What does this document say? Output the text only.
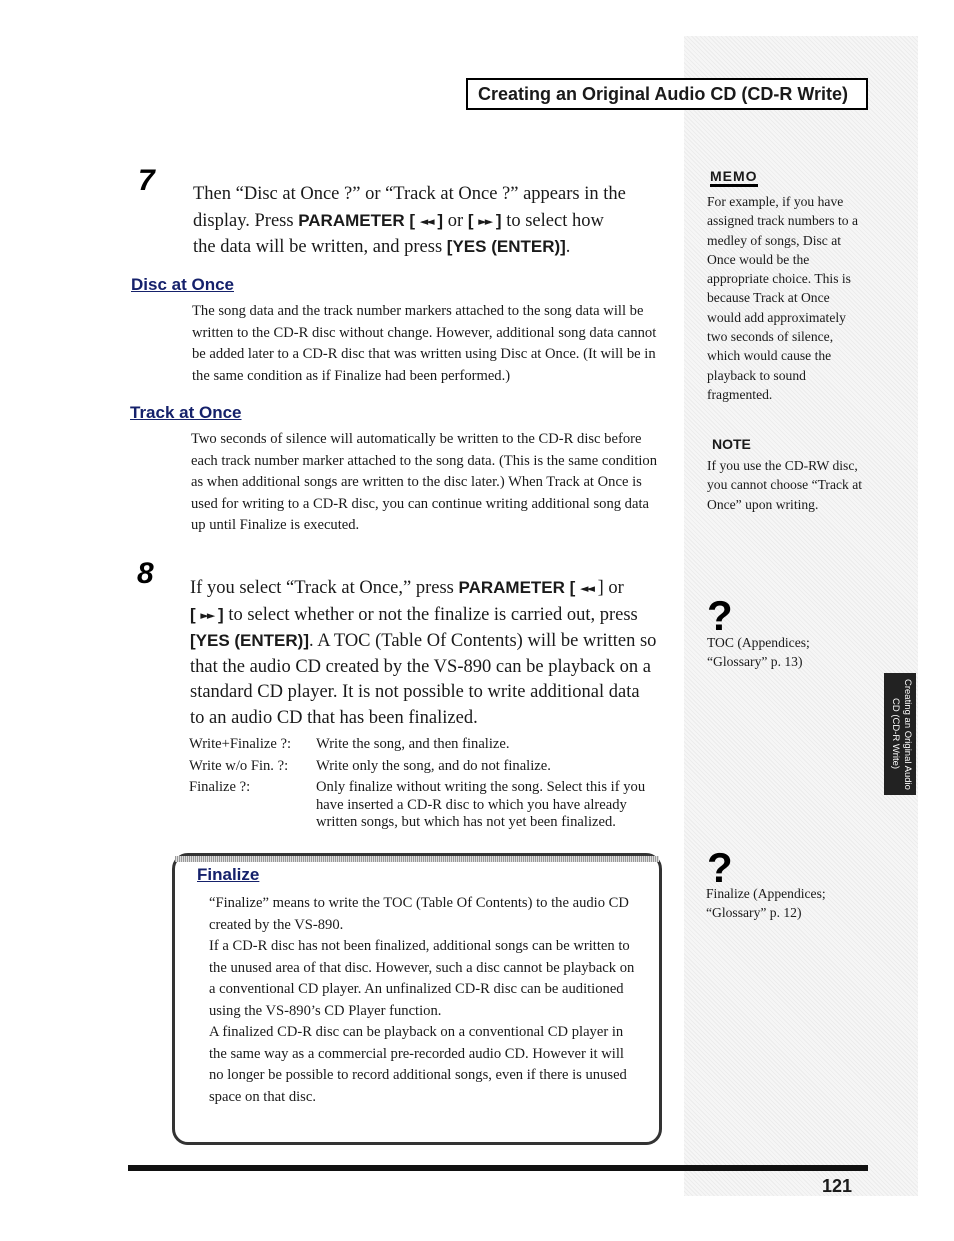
Creating an Original Audio CD (CD-R Write)
7 Then “Disc at Once ?” or “Track at Once ?” appears in the
display. Press PARAMETER [ ◄◄ ] or [ ►► ] to select how
the data will be written, and press [YES (ENTER)].
Disc at Once
The song data and the track number markers attached to the song data will be written to the CD-R disc without change. However, additional song data cannot be added later to a CD-R disc that was written using Disc at Once. (It will be in the same condition as if Finalize had been performed.)
Track at Once
Two seconds of silence will automatically be written to the CD-R disc before each track number marker attached to the song data. (This is the same condition as when additional songs are written to the disc later.) When Track at Once is used for writing to a CD-R disc, you can continue writing additional song data up until Finalize is executed.
8 If you select “Track at Once,” press PARAMETER [ ◄◄ ] or
[ ►► ] to select whether or not the finalize is carried out, press
[YES (ENTER)]. A TOC (Table Of Contents) will be written so
that the audio CD created by the VS-890 can be playback on a
standard CD player. It is not possible to write additional data
to an audio CD that has been finalized.
Write+Finalize ?:	Write the song, and then finalize.
Write w/o Fin. ?:	Write only the song, and do not finalize.
Finalize ?:	Only finalize without writing the song. Select this if you have inserted a CD-R disc to which you have already written songs, but which has not yet been finalized.
Finalize

“Finalize” means to write the TOC (Table Of Contents) to the audio CD created by the VS-890.

If a CD-R disc has not been finalized, additional songs can be written to the unused area of that disc. However, such a disc cannot be playback on a conventional CD player. An unfinalized CD-R disc can be auditioned using the VS-890’s CD Player function.

A finalized CD-R disc can be playback on a conventional CD player in the same way as a commercial pre-recorded audio CD. However it will no longer be possible to record additional songs, even if there is unused space on that disc.

MEMO
For example, if you have assigned track numbers to a medley of songs, Disc at Once would be the appropriate choice. This is because Track at Once would add approximately two seconds of silence, which would cause the playback to sound fragmented.
NOTE
If you use the CD-RW disc, you cannot choose “Track at Once” upon writing.
?
TOC (Appendices; “Glossary” p. 13)
?
Finalize (Appendices; “Glossary” p. 12)
Creating an Original Audio CD (CD-R Write)
121
